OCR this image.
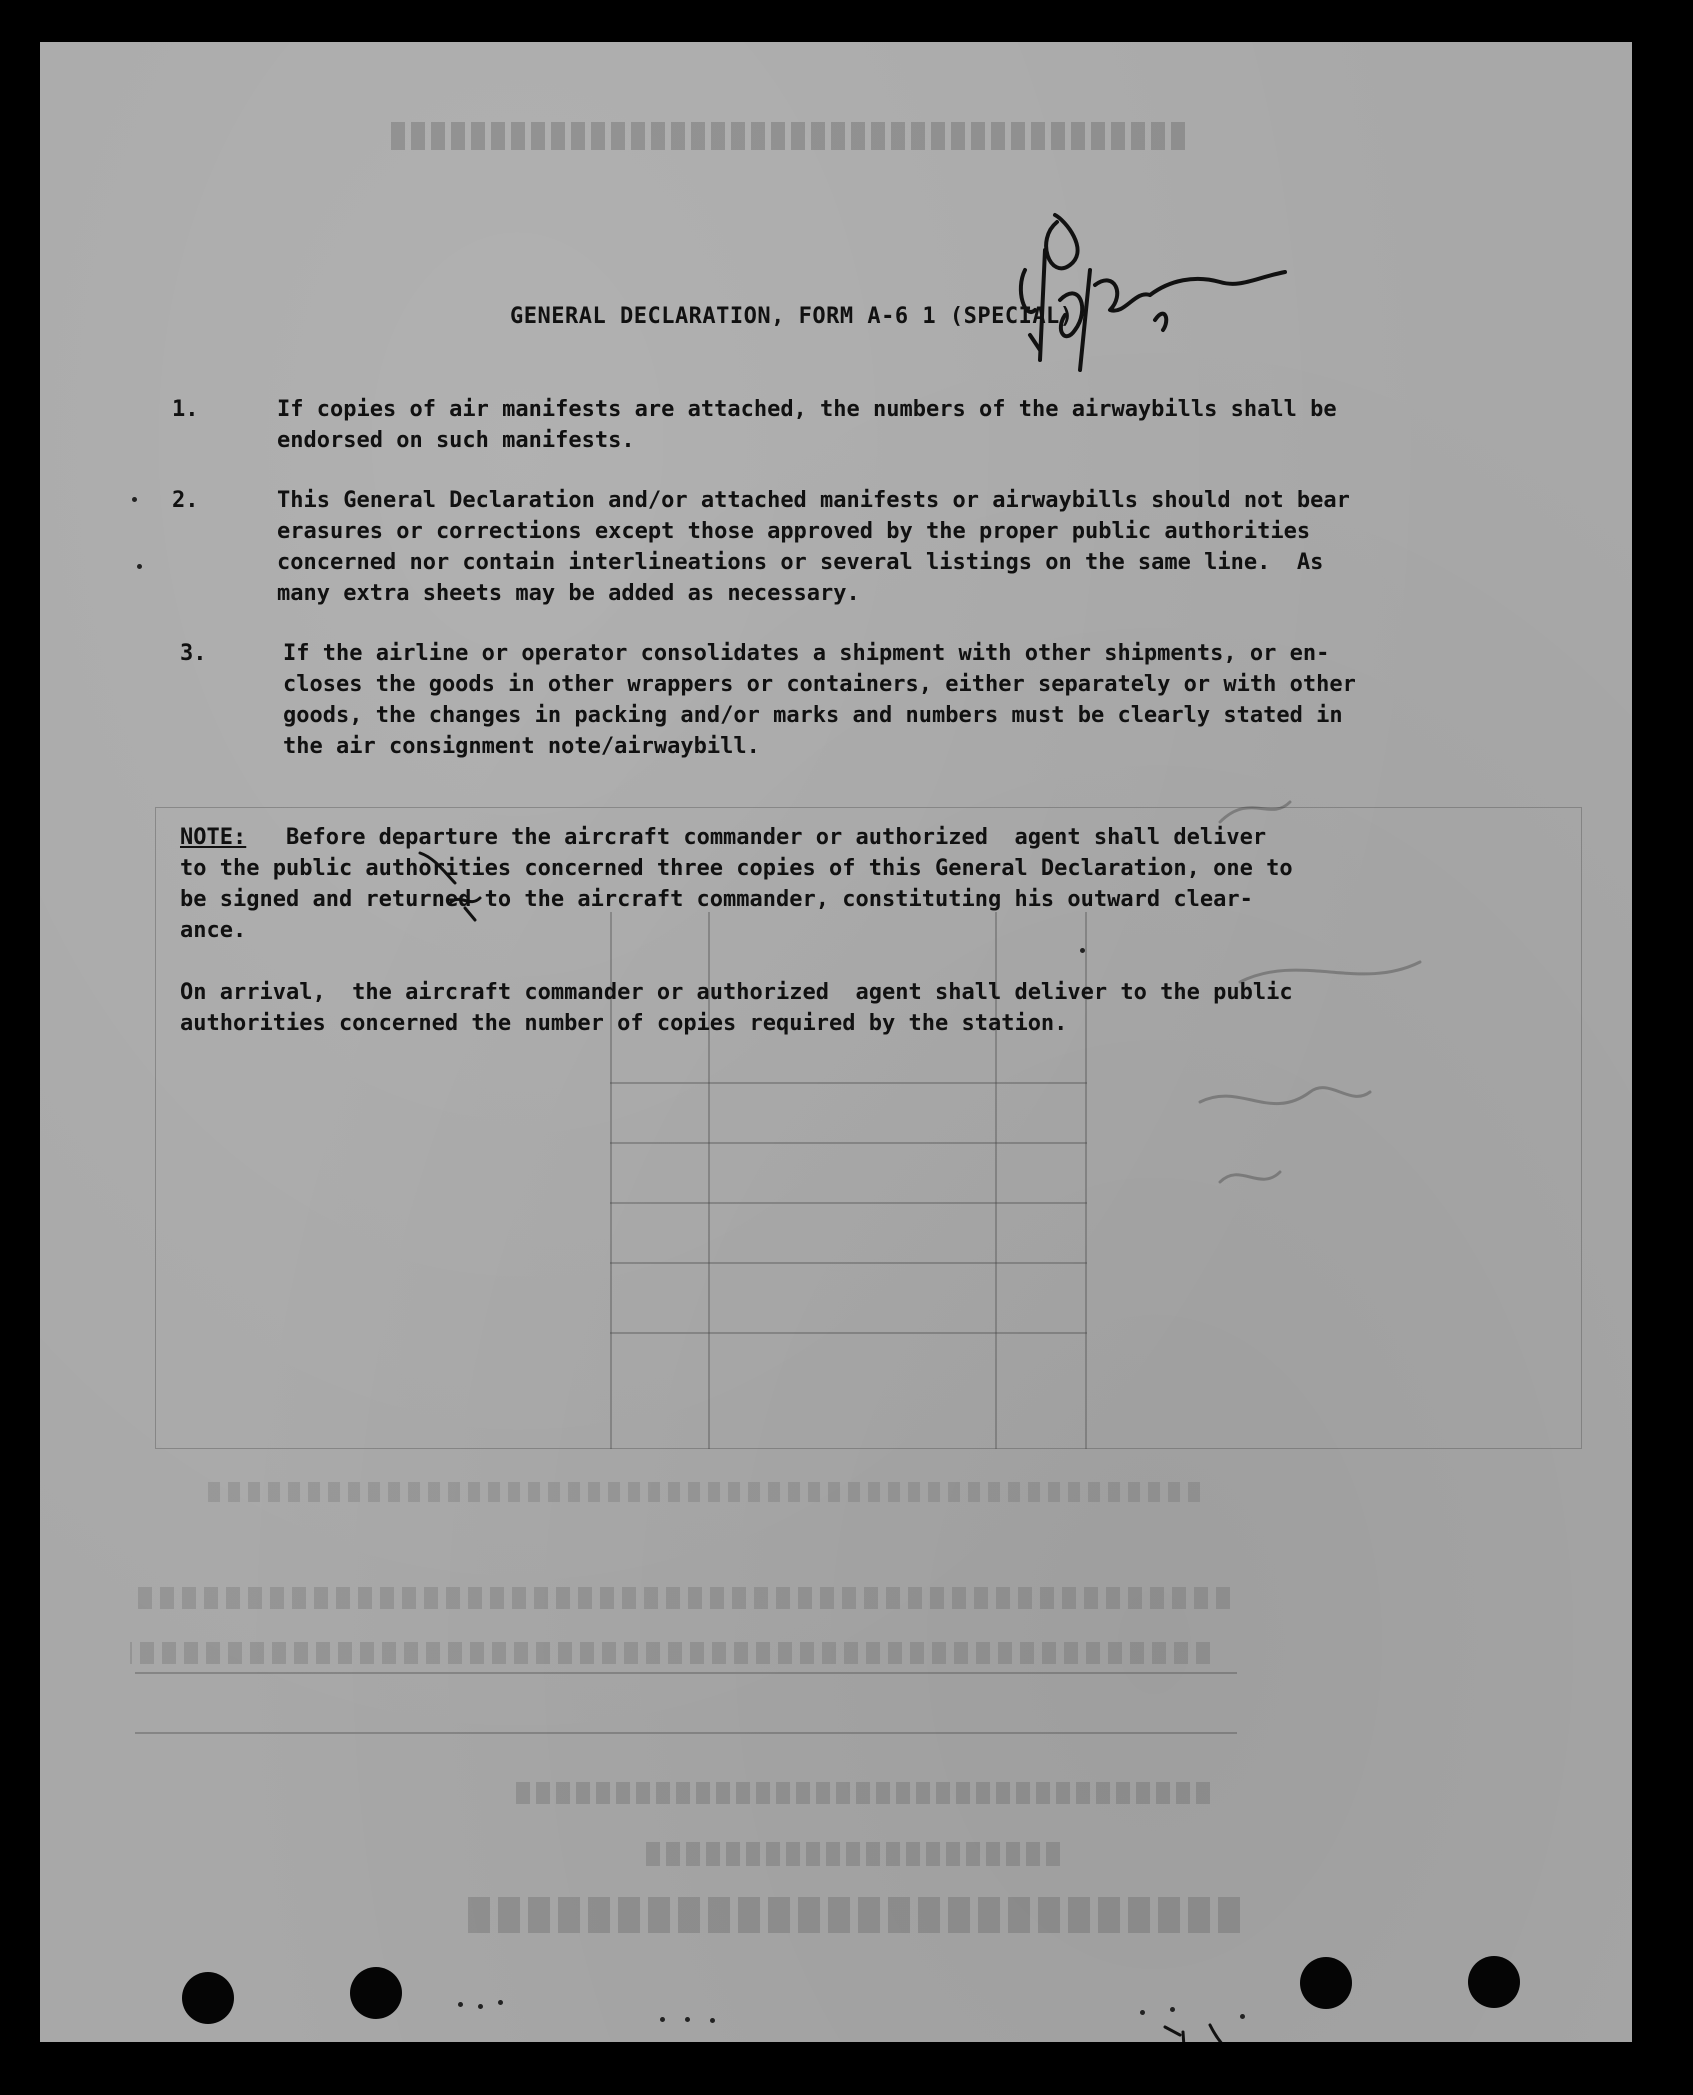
GENERAL DECLARATION, FORM A-6 1 (SPECIAL)
1.	If copies of air manifests are attached, the numbers of the airwaybills shall be
endorsed on such manifests.
2.	This General Declaration and/or attached manifests or airwaybills should not bear
erasures or corrections except those approved by the proper public authorities
concerned nor contain interlineations or several listings on the same line.  As
many extra sheets may be added as necessary.
3.	If the airline or operator consolidates a shipment with other shipments, or en-
closes the goods in other wrappers or containers, either separately or with other
goods, the changes in packing and/or marks and numbers must be clearly stated in
the air consignment note/airwaybill.
NOTE:   Before departure the aircraft commander or authorized  agent shall deliver
to the public authorities concerned three copies of this General Declaration, one to
be signed and returned to the aircraft commander, constituting his outward clear-
ance.
On arrival,  the aircraft commander or authorized  agent shall deliver to the public
authorities concerned the number of copies required by the station.
